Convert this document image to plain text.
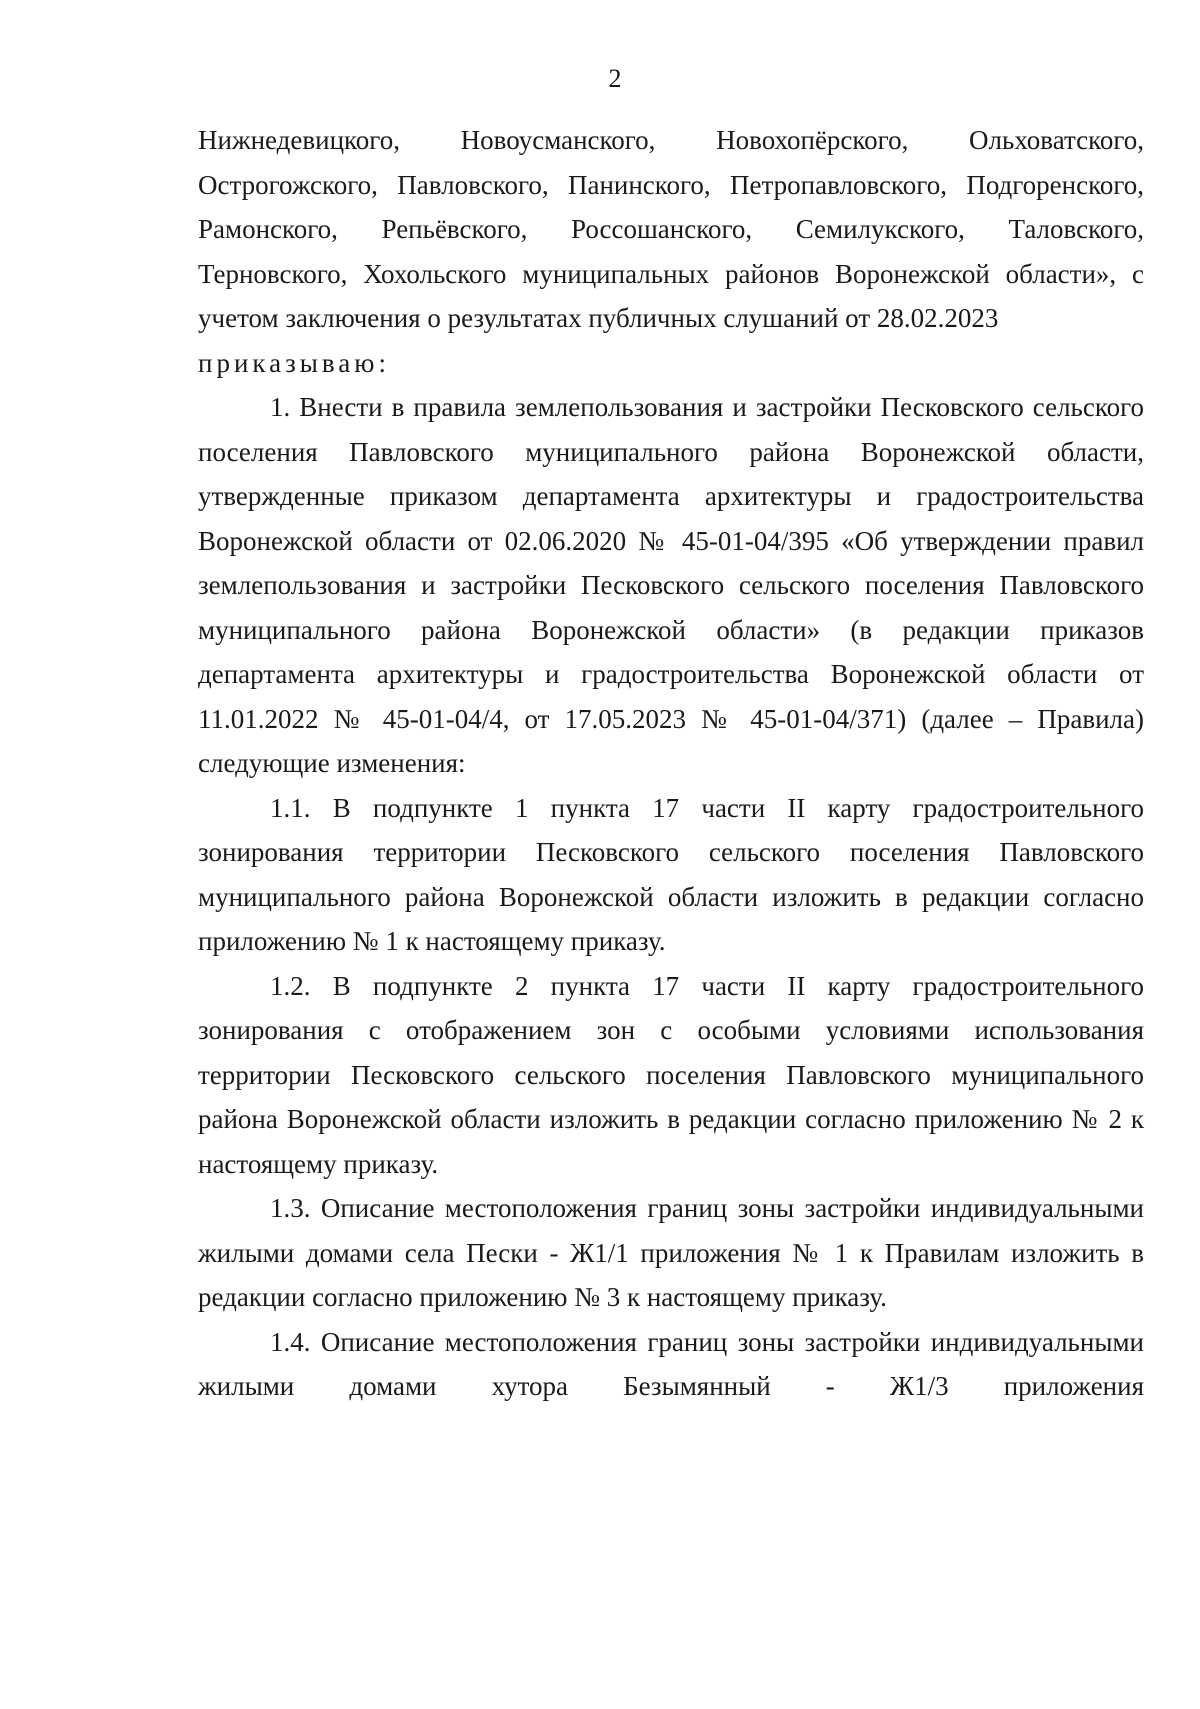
2

Нижнедевицкого, Новоусманского, Новохопёрского, Ольховатского, Острогожского, Павловского, Панинского, Петропавловского, Подгоренского, Рамонского, Репьёвского, Россошанского, Семилукского, Таловского, Терновского, Хохольского муниципальных районов Воронежской области», с учетом заключения о результатах публичных слушаний от 28.02.2023

приказываю:

1. Внести в правила землепользования и застройки Песковского сельского поселения Павловского муниципального района Воронежской области, утвержденные приказом департамента архитектуры и градостроительства Воронежской области от 02.06.2020 № 45-01-04/395 «Об утверждении правил землепользования и застройки Песковского сельского поселения Павловского муниципального района Воронежской области» (в редакции приказов департамента архитектуры и градостроительства Воронежской области от 11.01.2022 № 45-01-04/4, от 17.05.2023 № 45-01-04/371) (далее – Правила) следующие изменения:

1.1. В подпункте 1 пункта 17 части II карту градостроительного зонирования территории Песковского сельского поселения Павловского муниципального района Воронежской области изложить в редакции согласно приложению № 1 к настоящему приказу.

1.2. В подпункте 2 пункта 17 части II карту градостроительного зонирования с отображением зон с особыми условиями использования территории Песковского сельского поселения Павловского муниципального района Воронежской области изложить в редакции согласно приложению № 2 к настоящему приказу.

1.3. Описание местоположения границ зоны застройки индивидуальными жилыми домами села Пески - Ж1/1 приложения № 1 к Правилам изложить в редакции согласно приложению № 3 к настоящему приказу.

1.4. Описание местоположения границ зоны застройки индивидуальными жилыми домами хутора Безымянный - Ж1/3 приложения
